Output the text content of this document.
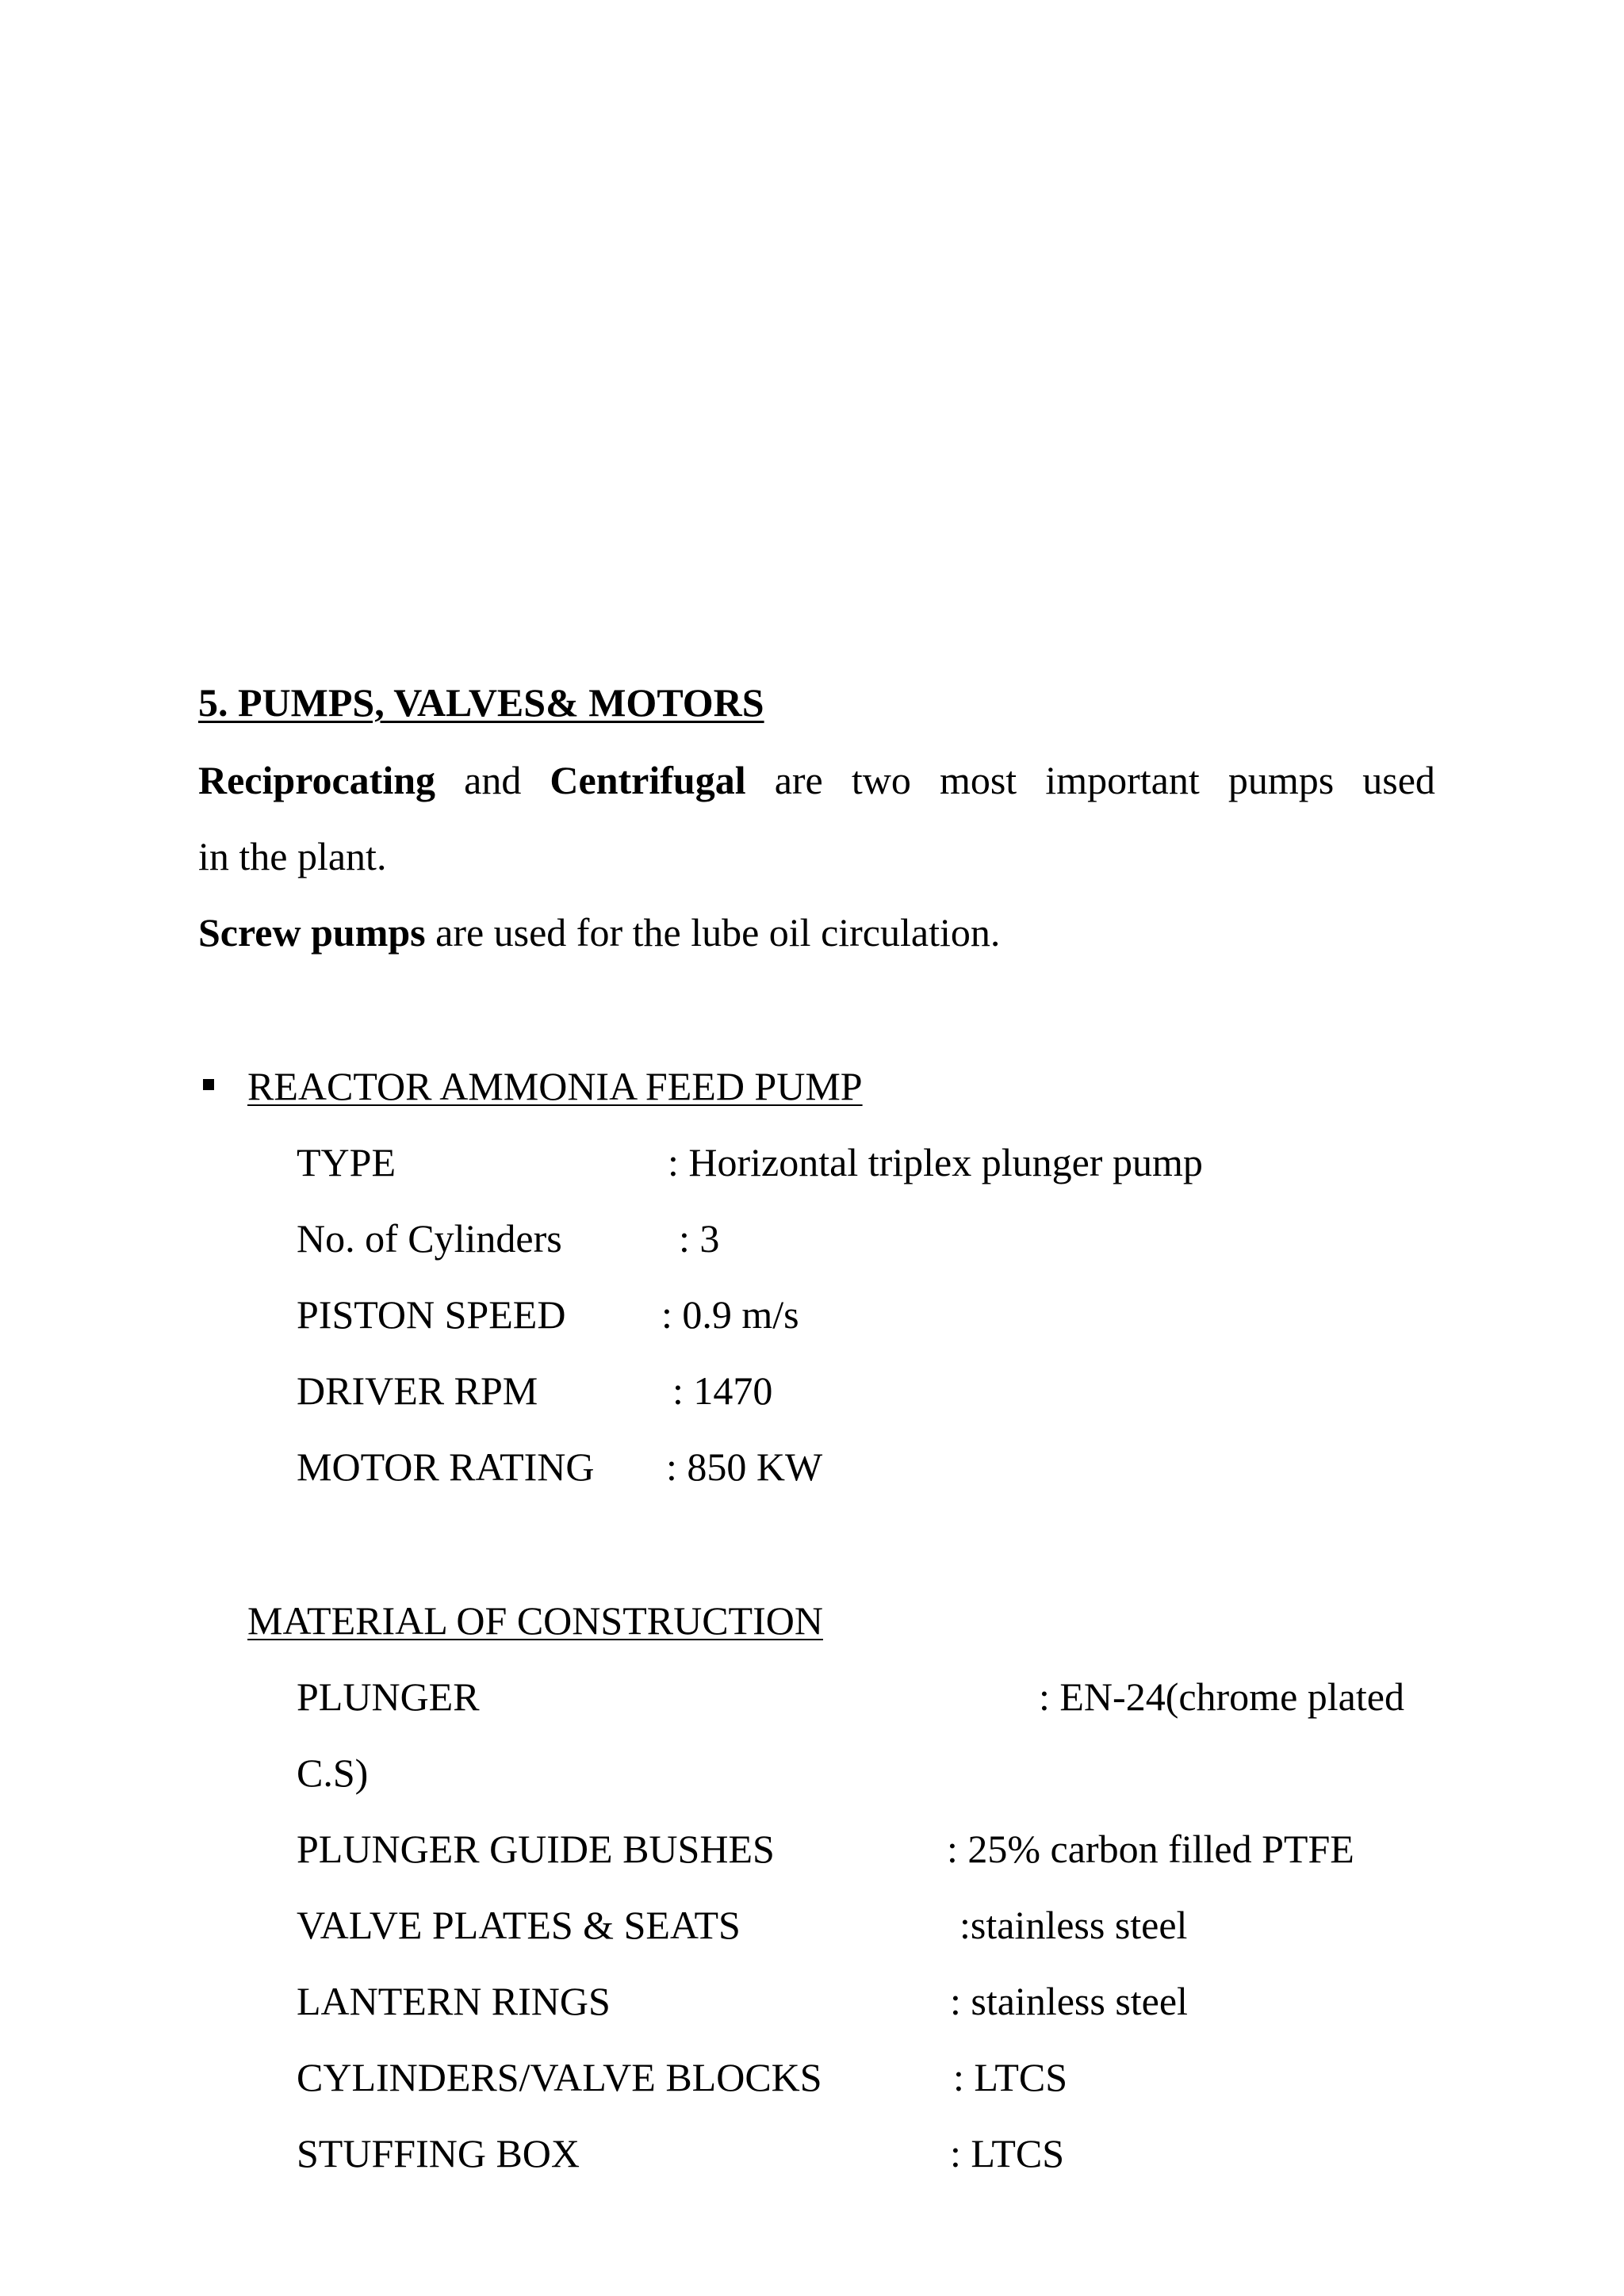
5. PUMPS, VALVES& MOTORS
Reciprocating and Centrifugal are two most important pumps used
in the plant.
Screw pumps are used for the lube oil circulation.
REACTOR AMMONIA FEED PUMP
TYPE	: Horizontal triplex plunger pump
No. of Cylinders	: 3
PISTON SPEED : 0.9 m/s
DRIVER RPM	: 1470
MOTOR RATING : 850 KW
MATERIAL OF CONSTRUCTION
PLUNGER	: EN-24(chrome plated
C.S)
PLUNGER GUIDE BUSHES	: 25% carbon filled PTFE
VALVE PLATES & SEATS	:stainless steel
LANTERN RINGS	: stainless steel
CYLINDERS/VALVE BLOCKS	: LTCS
STUFFING BOX	: LTCS
